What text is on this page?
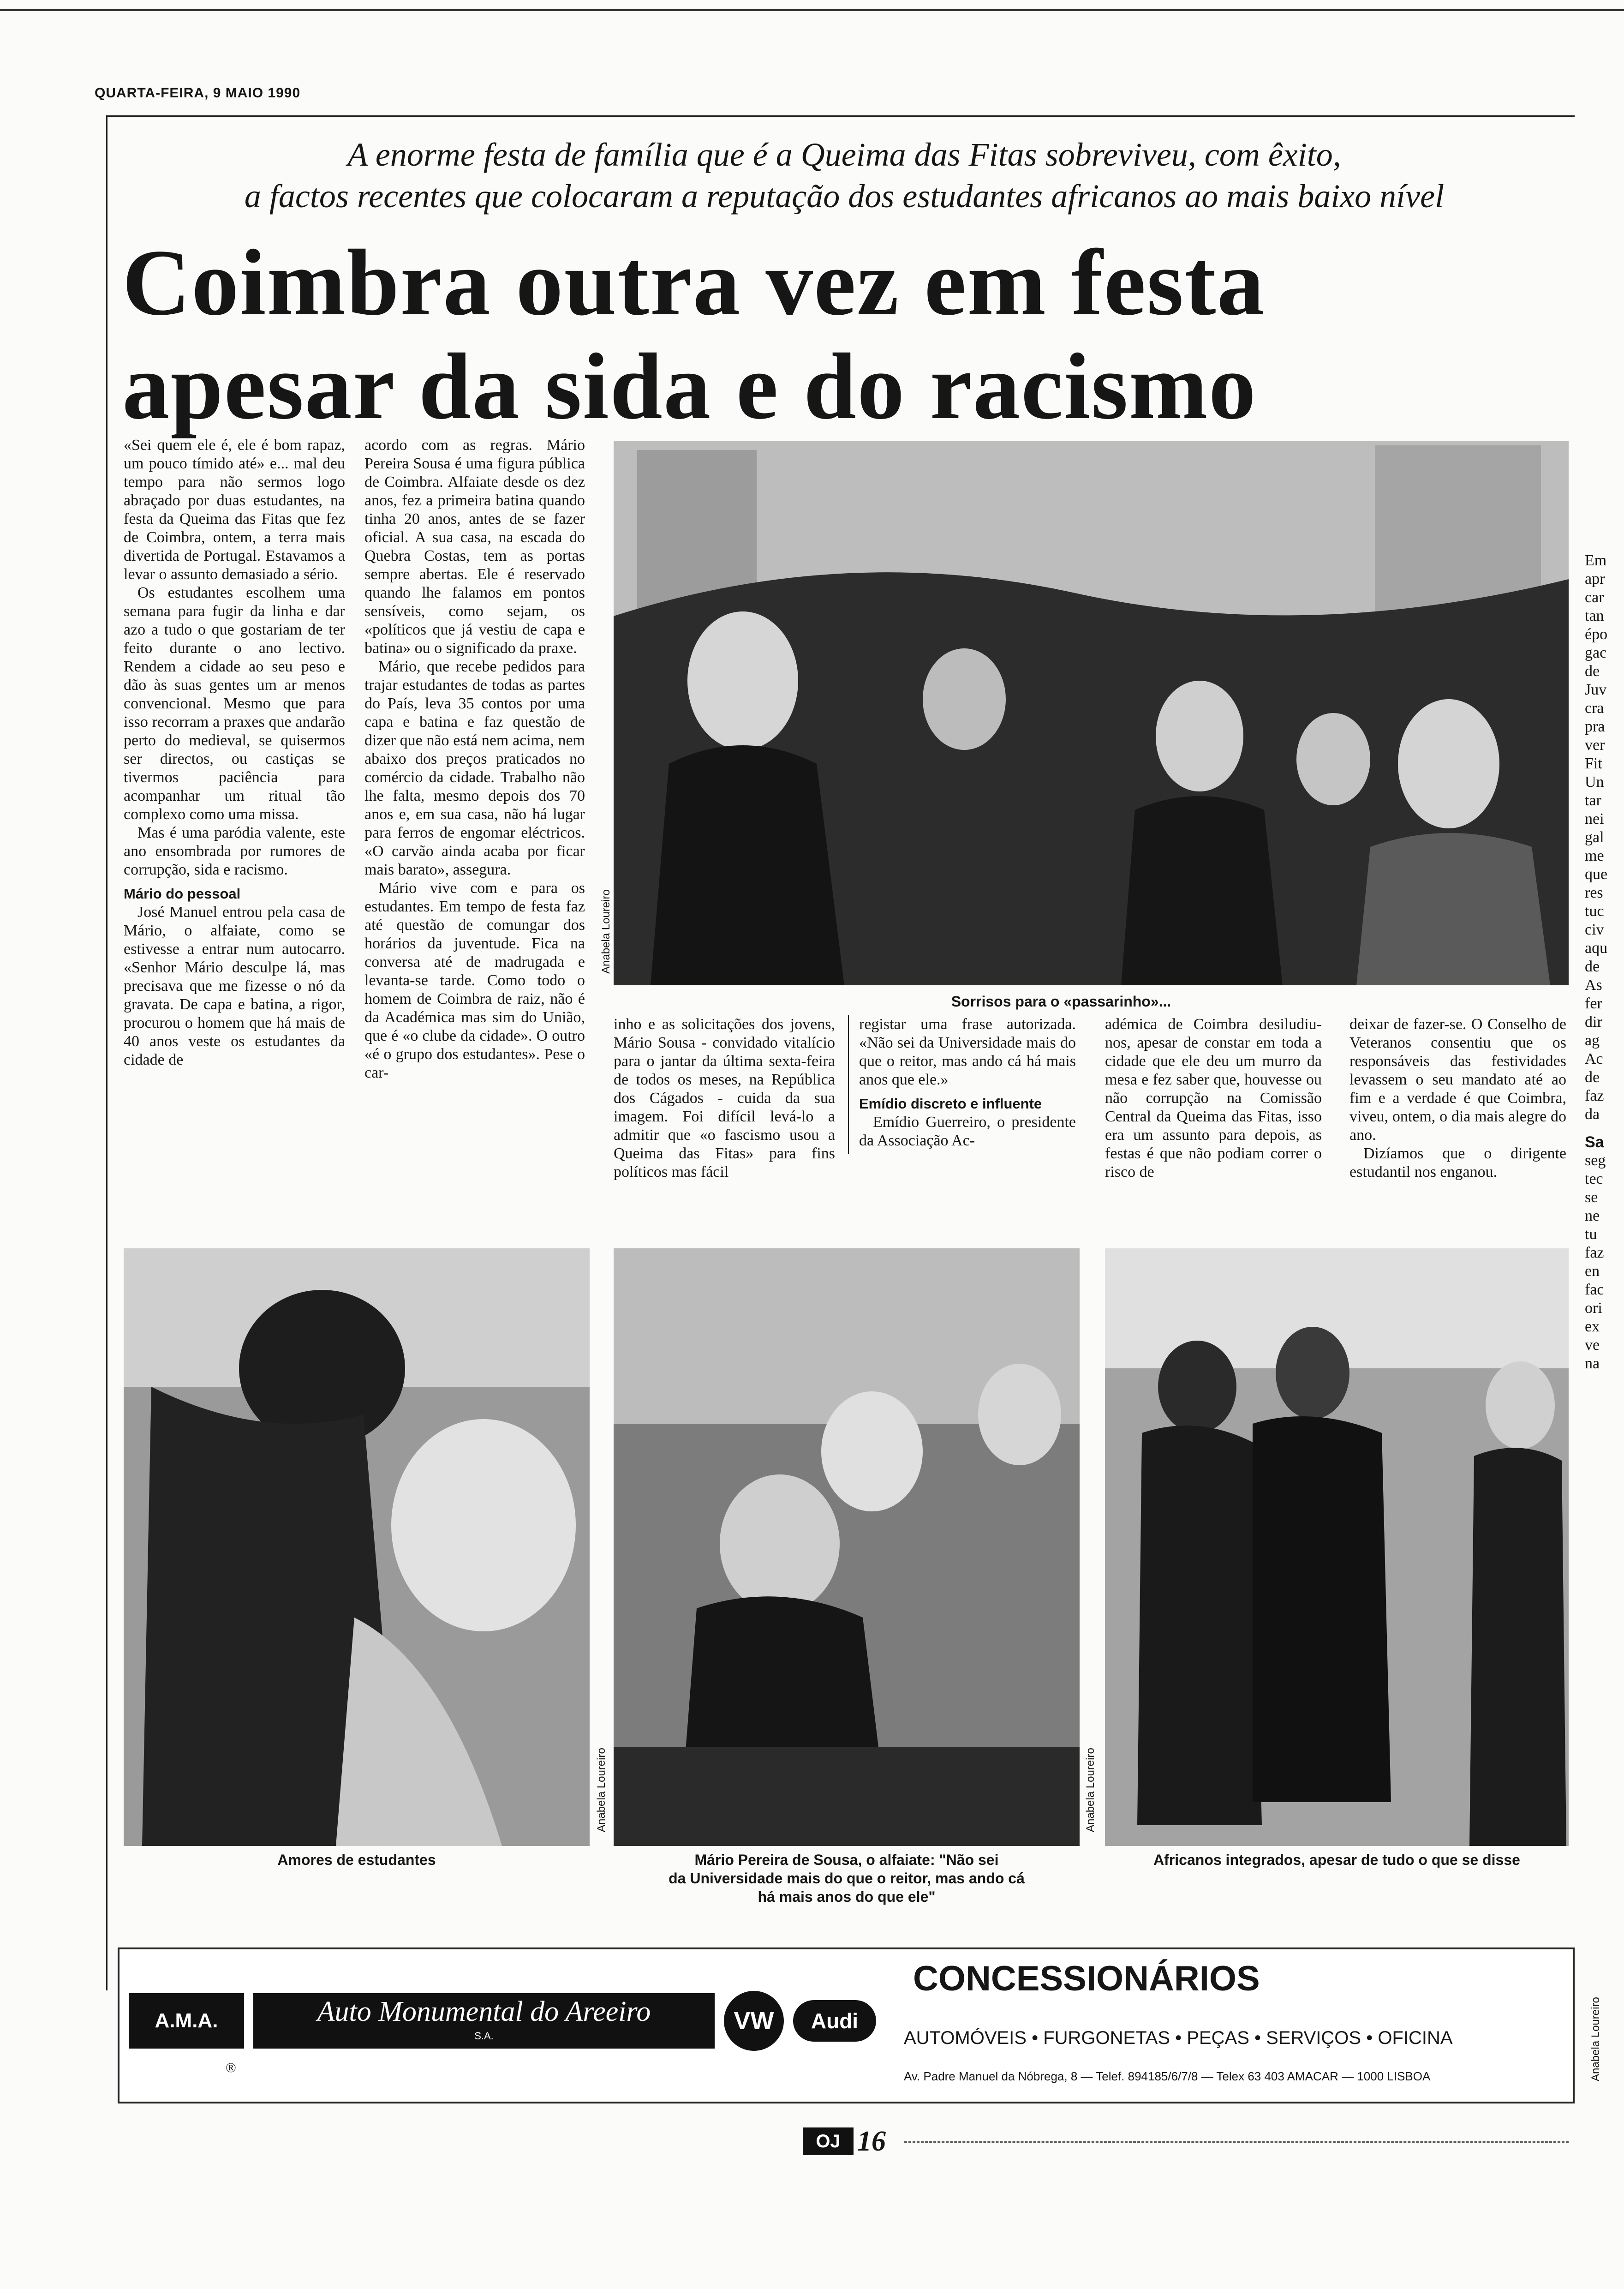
QUARTA-FEIRA, 9 MAIO 1990
A enorme festa de família que é a Queima das Fitas sobreviveu, com êxito,
a factos recentes que colocaram a reputação dos estudantes africanos ao mais baixo nível
Coimbra outra vez em festa
apesar da sida e do racismo

«Sei quem ele é, ele é bom rapaz, um pouco tímido até» e... mal deu tempo para não sermos logo abraçado por duas estudantes, na festa da Queima das Fitas que fez de Coimbra, ontem, a terra mais divertida de Portugal. Estavamos a levar o assunto demasiado a sério.

Os estudantes escolhem uma semana para fugir da linha e dar azo a tudo o que gostariam de ter feito durante o ano lectivo. Rendem a cidade ao seu peso e dão às suas gentes um ar menos convencional. Mesmo que para isso recorram a praxes que andarão perto do medieval, se quisermos ser directos, ou castiças se tivermos paciência para acompanhar um ritual tão complexo como uma missa.

Mas é uma paródia valente, este ano ensombrada por rumores de corrupção, sida e racismo.

Mário do pessoal

José Manuel entrou pela casa de Mário, o alfaiate, como se estivesse a entrar num autocarro. «Senhor Mário desculpe lá, mas precisava que me fizesse o nó da gravata. De capa e batina, a rigor, procurou o homem que há mais de 40 anos veste os estudantes da cidade de

acordo com as regras. Mário Pereira Sousa é uma figura pública de Coimbra. Alfaiate desde os dez anos, fez a primeira batina quando tinha 20 anos, antes de se fazer oficial. A sua casa, na escada do Quebra Costas, tem as portas sempre abertas. Ele é reservado quando lhe falamos em pontos sensíveis, como sejam, os «políticos que já vestiu de capa e batina» ou o significado da praxe.

Mário, que recebe pedidos para trajar estudantes de todas as partes do País, leva 35 contos por uma capa e batina e faz questão de dizer que não está nem acima, nem abaixo dos preços praticados no comércio da cidade. Trabalho não lhe falta, mesmo depois dos 70 anos e, em sua casa, não há lugar para ferros de engomar eléctricos. «O carvão ainda acaba por ficar mais barato», assegura.

Mário vive com e para os estudantes. Em tempo de festa faz até questão de comungar dos horários da juventude. Fica na conversa até de madrugada e levanta-se tarde. Como todo o homem de Coimbra de raiz, não é da Académica mas sim do União, que é «o clube da cidade». O outro «é o grupo dos estudantes». Pese o car-

Anabela Loureiro
Sorrisos para o «passarinho»...

inho e as solicitações dos jovens, Mário Sousa - convidado vitalício para o jantar da última sexta-feira de todos os meses, na República dos Cágados - cuida da sua imagem. Foi difícil levá-lo a admitir que «o fascismo usou a Queima das Fitas» para fins políticos mas fácil

registar uma frase autorizada. «Não sei da Universidade mais do que o reitor, mas ando cá há mais anos que ele.»

Emídio discreto e influente

Emídio Guerreiro, o presidente da Associação Ac-

adémica de Coimbra desiludiu-nos, apesar de constar em toda a cidade que ele deu um murro da mesa e fez saber que, houvesse ou não corrupção na Comissão Central da Queima das Fitas, isso era um assunto para depois, as festas é que não podiam correr o risco de

deixar de fazer-se. O Conselho de Veteranos consentiu que os responsáveis das festividades levassem o seu mandato até ao fim e a verdade é que Coimbra, viveu, ontem, o dia mais alegre do ano.

Dizíamos que o dirigente estudantil nos enganou.

Anabela Loureiro	Anabela Loureiro
Amores de estudantes	Mário Pereira de Sousa, o alfaiate: "Não sei
da Universidade mais do que o reitor, mas ando cá
há mais anos do que ele"
Africanos integrados, apesar de tudo o que se disse
A.M.A.	Auto Monumental do Areeiro
S.A.
®
VW	Audi
CONCESSIONÁRIOS
AUTOMÓVEIS • FURGONETAS • PEÇAS • SERVIÇOS • OFICINA
Av. Padre Manuel da Nóbrega, 8 — Telef. 894185/6/7/8 — Telex 63 403 AMACAR — 1000 LISBOA	Anabela Loureiro
OJ 16
Em
apr
car
tan
épo
gac
de
Juv
cra
pra
ver
Fit
Un
tar
nei
gal
me
que
res
tuc
civ
aqu
de
As
fer
dir
ag
Ac
de
faz
da
Sa
seg
tec
se
ne
tu
faz
en
fac
ori
ex
ve
na
